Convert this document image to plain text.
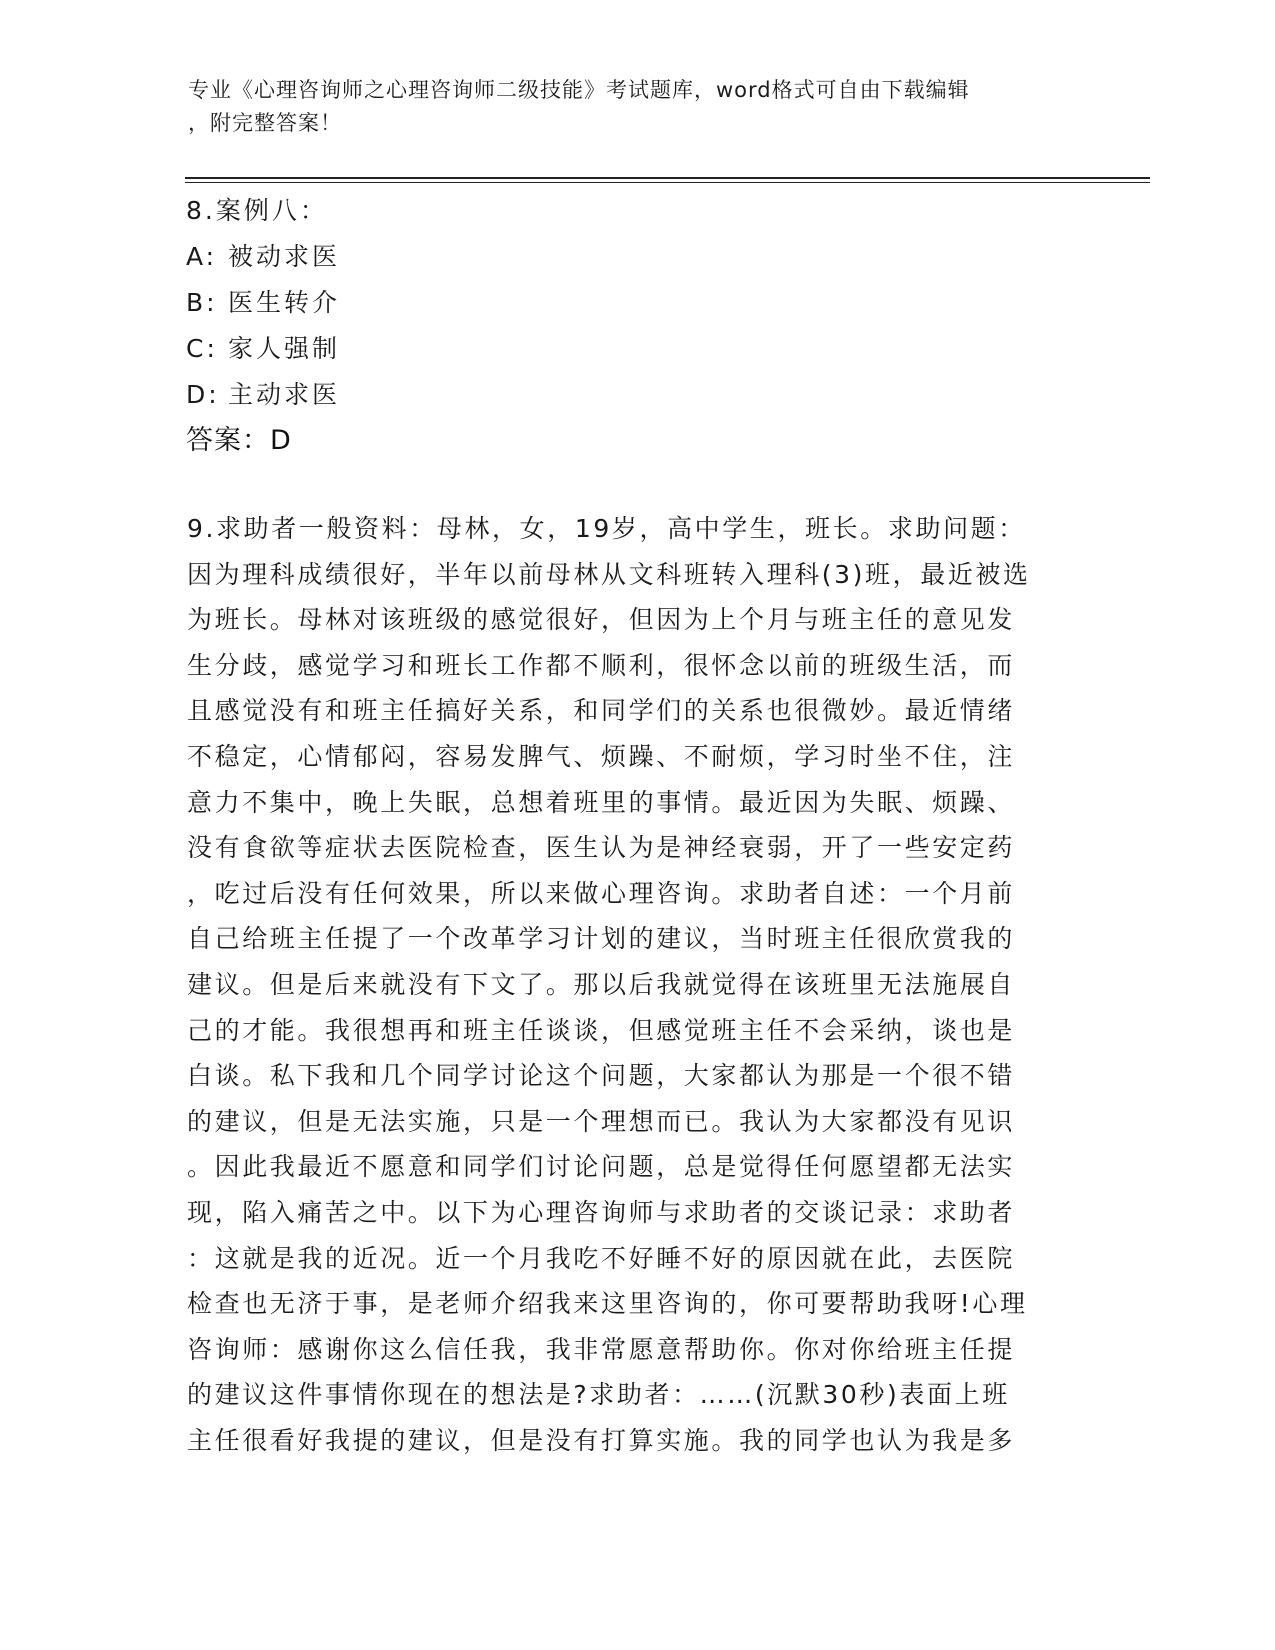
专业《心理咨询师之心理咨询师二级技能》考试题库，word格式可自由下载编辑

，附完整答案！

8.案例八：
A: 被动求医
B: 医生转介
C: 家人强制
D: 主动求医
答案：D
9.求助者一般资料：母林，女，19岁，高中学生，班长。求助问题：
因为理科成绩很好，半年以前母林从文科班转入理科(3)班，最近被选
为班长。母林对该班级的感觉很好，但因为上个月与班主任的意见发
生分歧，感觉学习和班长工作都不顺利，很怀念以前的班级生活，而
且感觉没有和班主任搞好关系，和同学们的关系也很微妙。最近情绪
不稳定，心情郁闷，容易发脾气、烦躁、不耐烦，学习时坐不住，注
意力不集中，晚上失眠，总想着班里的事情。最近因为失眠、烦躁、
没有食欲等症状去医院检查，医生认为是神经衰弱，开了一些安定药
，吃过后没有任何效果，所以来做心理咨询。求助者自述：一个月前
自己给班主任提了一个改革学习计划的建议，当时班主任很欣赏我的
建议。但是后来就没有下文了。那以后我就觉得在该班里无法施展自
己的才能。我很想再和班主任谈谈，但感觉班主任不会采纳，谈也是
白谈。私下我和几个同学讨论这个问题，大家都认为那是一个很不错
的建议，但是无法实施，只是一个理想而已。我认为大家都没有见识
。因此我最近不愿意和同学们讨论问题，总是觉得任何愿望都无法实
现，陷入痛苦之中。以下为心理咨询师与求助者的交谈记录：求助者
：这就是我的近况。近一个月我吃不好睡不好的原因就在此，去医院
检查也无济于事，是老师介绍我来这里咨询的，你可要帮助我呀!心理
咨询师：感谢你这么信任我，我非常愿意帮助你。你对你给班主任提
的建议这件事情你现在的想法是?求助者：……(沉默30秒)表面上班
主任很看好我提的建议，但是没有打算实施。我的同学也认为我是多
